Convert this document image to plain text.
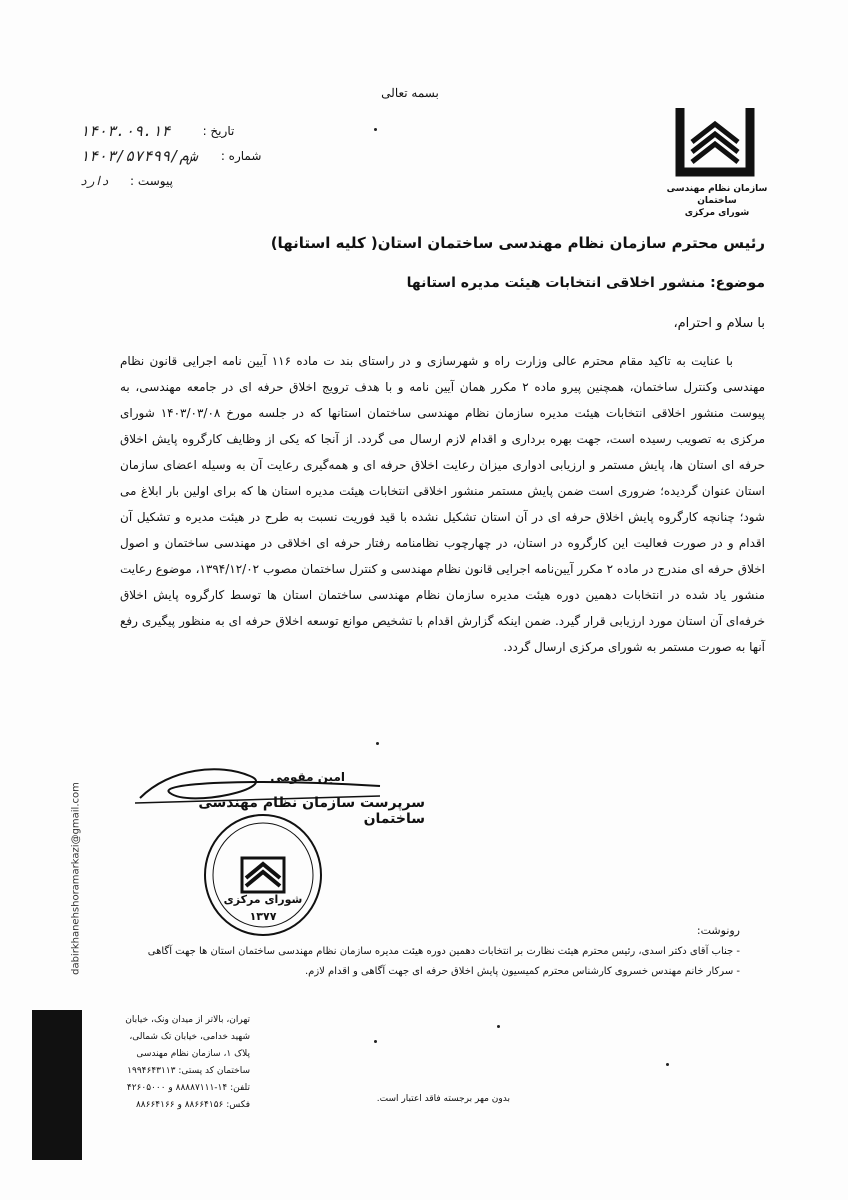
بسمه تعالی
سازمان نظام مهندسی ساختمان
شورای مرکزی
۱۴۰۳.۰۹.۱۴	تاریخ :
۱۴۰۳/۵۷۴۹۹/ش‌م	شماره :
دارد	پیوست :
رئیس محترم سازمان نظام مهندسی ساختمان استان( کلیه استانها)
موضوع: منشور اخلاقی انتخابات هیئت مدیره استانها
با سلام و احترام،

با عنایت به تاکید مقام محترم عالی وزارت راه و شهرسازی و در راستای بند ت ماده ۱۱۶ آیین نامه اجرایی قانون نظام مهندسی وکنترل ساختمان، همچنین پیرو ماده ۲ مکرر همان آیین نامه و با هدف ترویج اخلاق حرفه ای در جامعه مهندسی، به پیوست منشور اخلاقی انتخابات هیئت مدیره سازمان نظام مهندسی ساختمان استانها که در جلسه مورخ ۱۴۰۳/۰۳/۰۸ شورای مرکزی به تصویب رسیده است، جهت بهره برداری و اقدام لازم ارسال می گردد. از آنجا که یکی از وظایف کارگروه پایش اخلاق حرفه ای استان ها، پایش مستمر و ارزیابی ادواری میزان رعایت اخلاق حرفه ای و همه‌گیری رعایت آن به وسیله اعضای سازمان استان عنوان گردیده؛ ضروری است ضمن پایش مستمر منشور اخلاقی انتخابات هیئت مدیره استان ها که برای اولین بار ابلاغ می شود؛ چنانچه کارگروه پایش اخلاق حرفه ای در آن استان تشکیل نشده با قید فوریت نسبت به طرح در هیئت مدیره و تشکیل آن اقدام و در صورت فعالیت این کارگروه در استان، در چهارچوب نظامنامه رفتار حرفه ای اخلاقی در مهندسی ساختمان و اصول اخلاق حرفه ای مندرج در ماده ۲ مکرر آیین‌نامه اجرایی قانون نظام مهندسی و کنترل ساختمان مصوب ۱۳۹۴/۱۲/۰۲، موضوع رعایت منشور یاد شده در انتخابات دهمین دوره هیئت مدیره سازمان نظام مهندسی ساختمان استان ها توسط کارگروه پایش اخلاق خرفه‌ای آن استان مورد ارزیابی قرار گیرد. ضمن اینکه گزارش اقدام با تشخیص موانع توسعه اخلاق حرفه ای به منظور پیگیری رفع آنها به صورت مستمر به شورای مرکزی ارسال گردد.

امین مقومی
سرپرست سازمان نظام مهندسی ساختمان
شورای مرکزی
۱۳۷۷
رونوشت:
- جناب آقای دکتر اسدی، رئیس محترم هیئت نظارت بر انتخابات دهمین دوره هیئت مدیره سازمان نظام مهندسی ساختمان استان ها جهت آگاهی
- سرکار خانم مهندس خسروی کارشناس محترم کمیسیون پایش اخلاق حرفه ای جهت آگاهی و اقدام لازم.
dabirkhanehshoramarkazi@gmail.com
تهران، بالاتر از میدان ونک، خیابان
شهید خدامی، خیابان تک شمالی،
پلاک ۱، سازمان نظام مهندسی
ساختمان کد پستی: ۱۹۹۴۶۴۳۱۱۳
تلفن: ۱۴-۸۸۸۸۷۱۱۱ و ۴۲۶۰۵۰۰۰
فکس: ۸۸۶۶۴۱۵۶ و ۸۸۶۶۴۱۶۶
بدون مهر برجسته فاقد اعتبار است.
